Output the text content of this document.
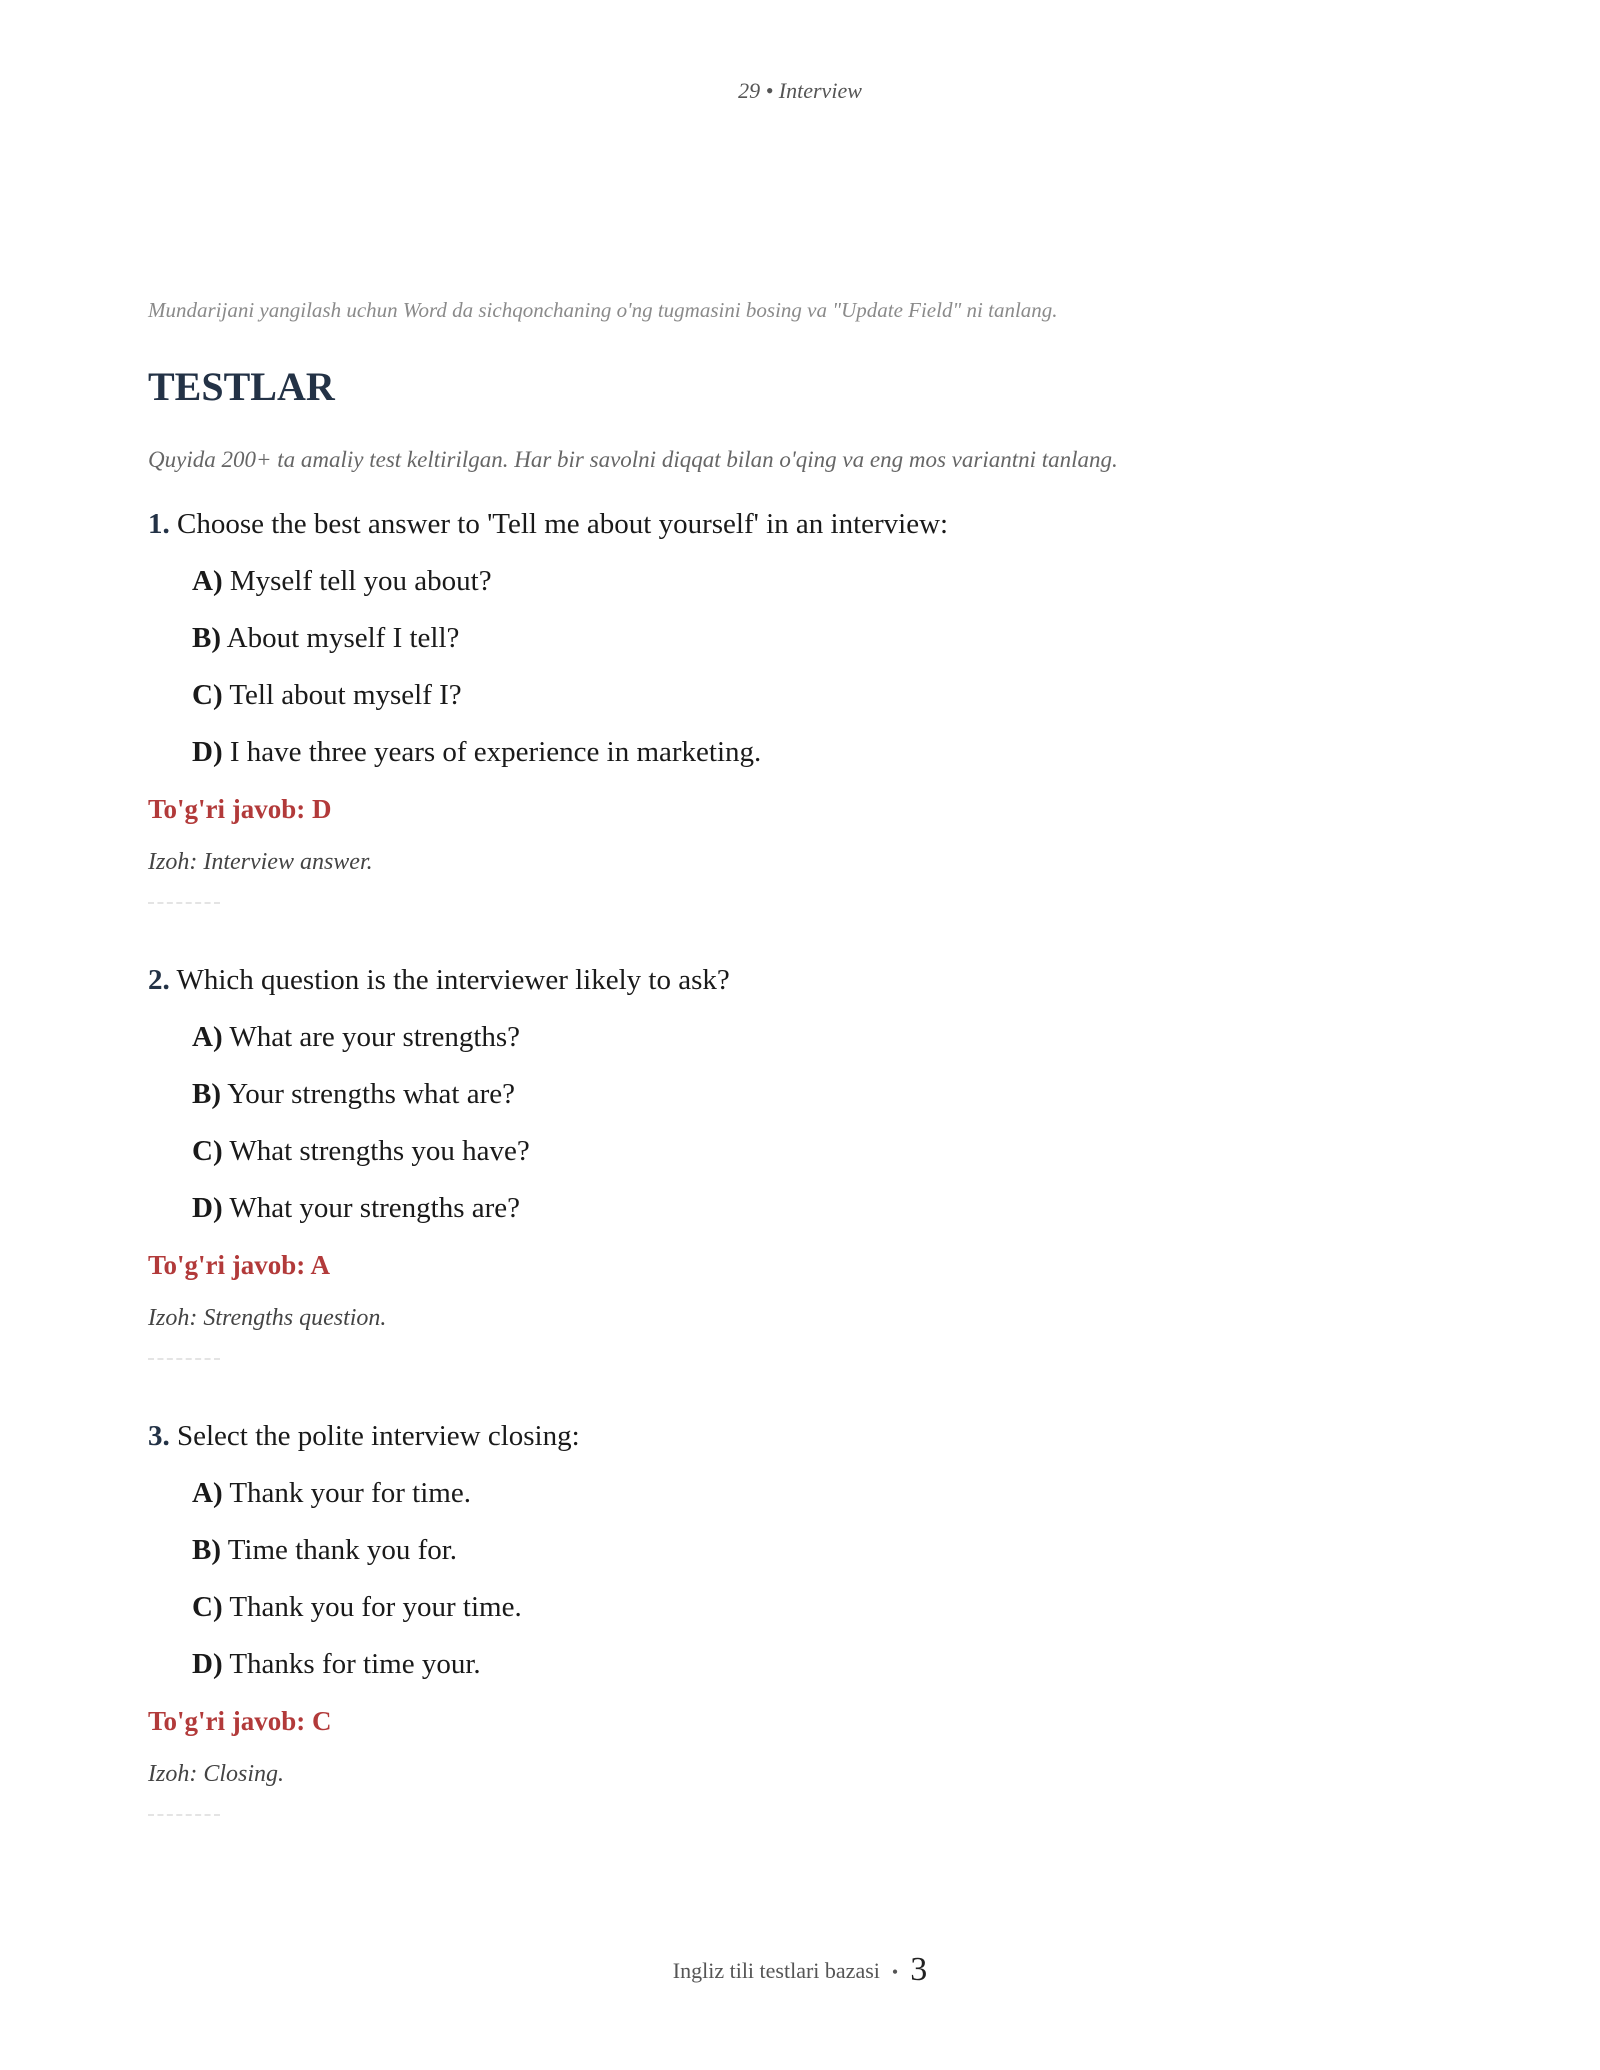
29 • Interview

Mundarijani yangilash uchun Word da sichqonchaning o'ng tugmasini bosing va "Update Field" ni tanlang.

TESTLAR

Quyida 200+ ta amaliy test keltirilgan. Har bir savolni diqqat bilan o'qing va eng mos variantni tanlang.

1. Choose the best answer to 'Tell me about yourself' in an interview:

A) Myself tell you about?
B) About myself I tell?
C) Tell about myself I?
D) I have three years of experience in marketing.

To'g'ri javob: D

Izoh: Interview answer.

2. Which question is the interviewer likely to ask?

A) What are your strengths?
B) Your strengths what are?
C) What strengths you have?
D) What your strengths are?

To'g'ri javob: A

Izoh: Strengths question.

3. Select the polite interview closing:

A) Thank your for time.
B) Time thank you for.
C) Thank you for your time.
D) Thanks for time your.

To'g'ri javob: C

Izoh: Closing.

Ingliz tili testlari bazasi • 3
